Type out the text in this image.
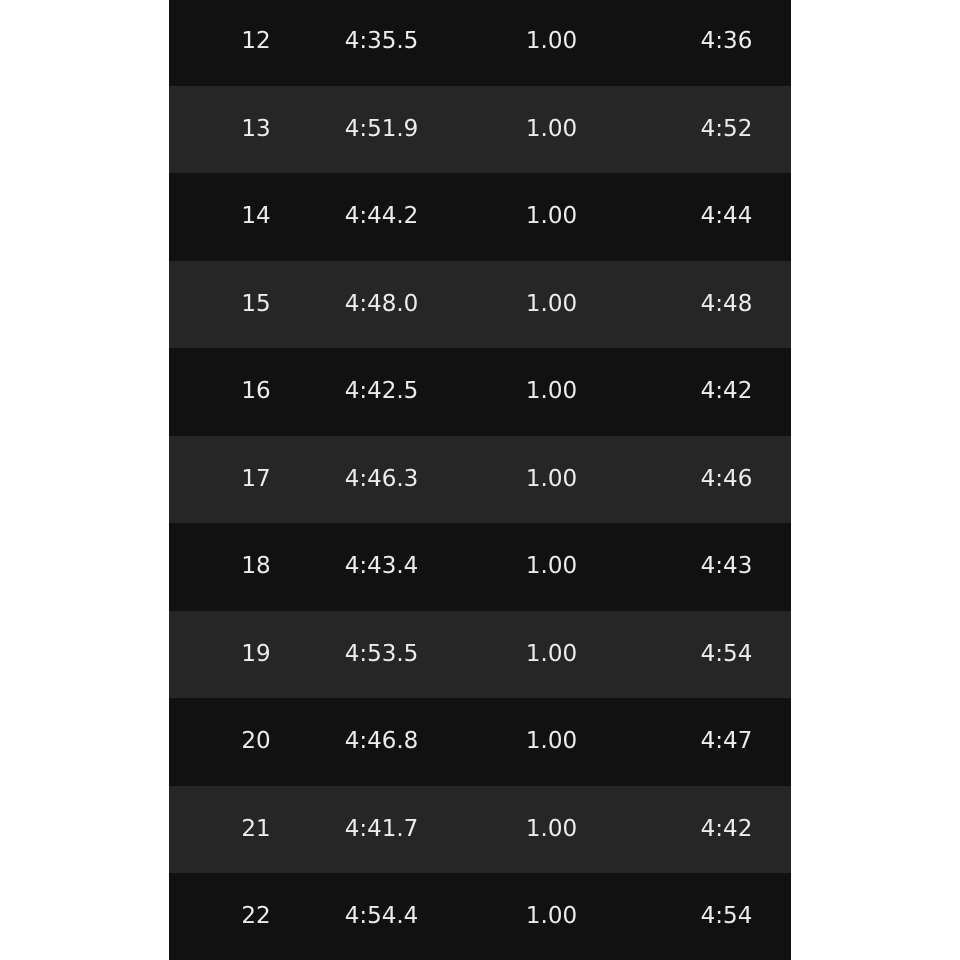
12	4:35.5	1.00	4:36
13	4:51.9	1.00	4:52
14	4:44.2	1.00	4:44
15	4:48.0	1.00	4:48
16	4:42.5	1.00	4:42
17	4:46.3	1.00	4:46
18	4:43.4	1.00	4:43
19	4:53.5	1.00	4:54
20	4:46.8	1.00	4:47
21	4:41.7	1.00	4:42
22	4:54.4	1.00	4:54
